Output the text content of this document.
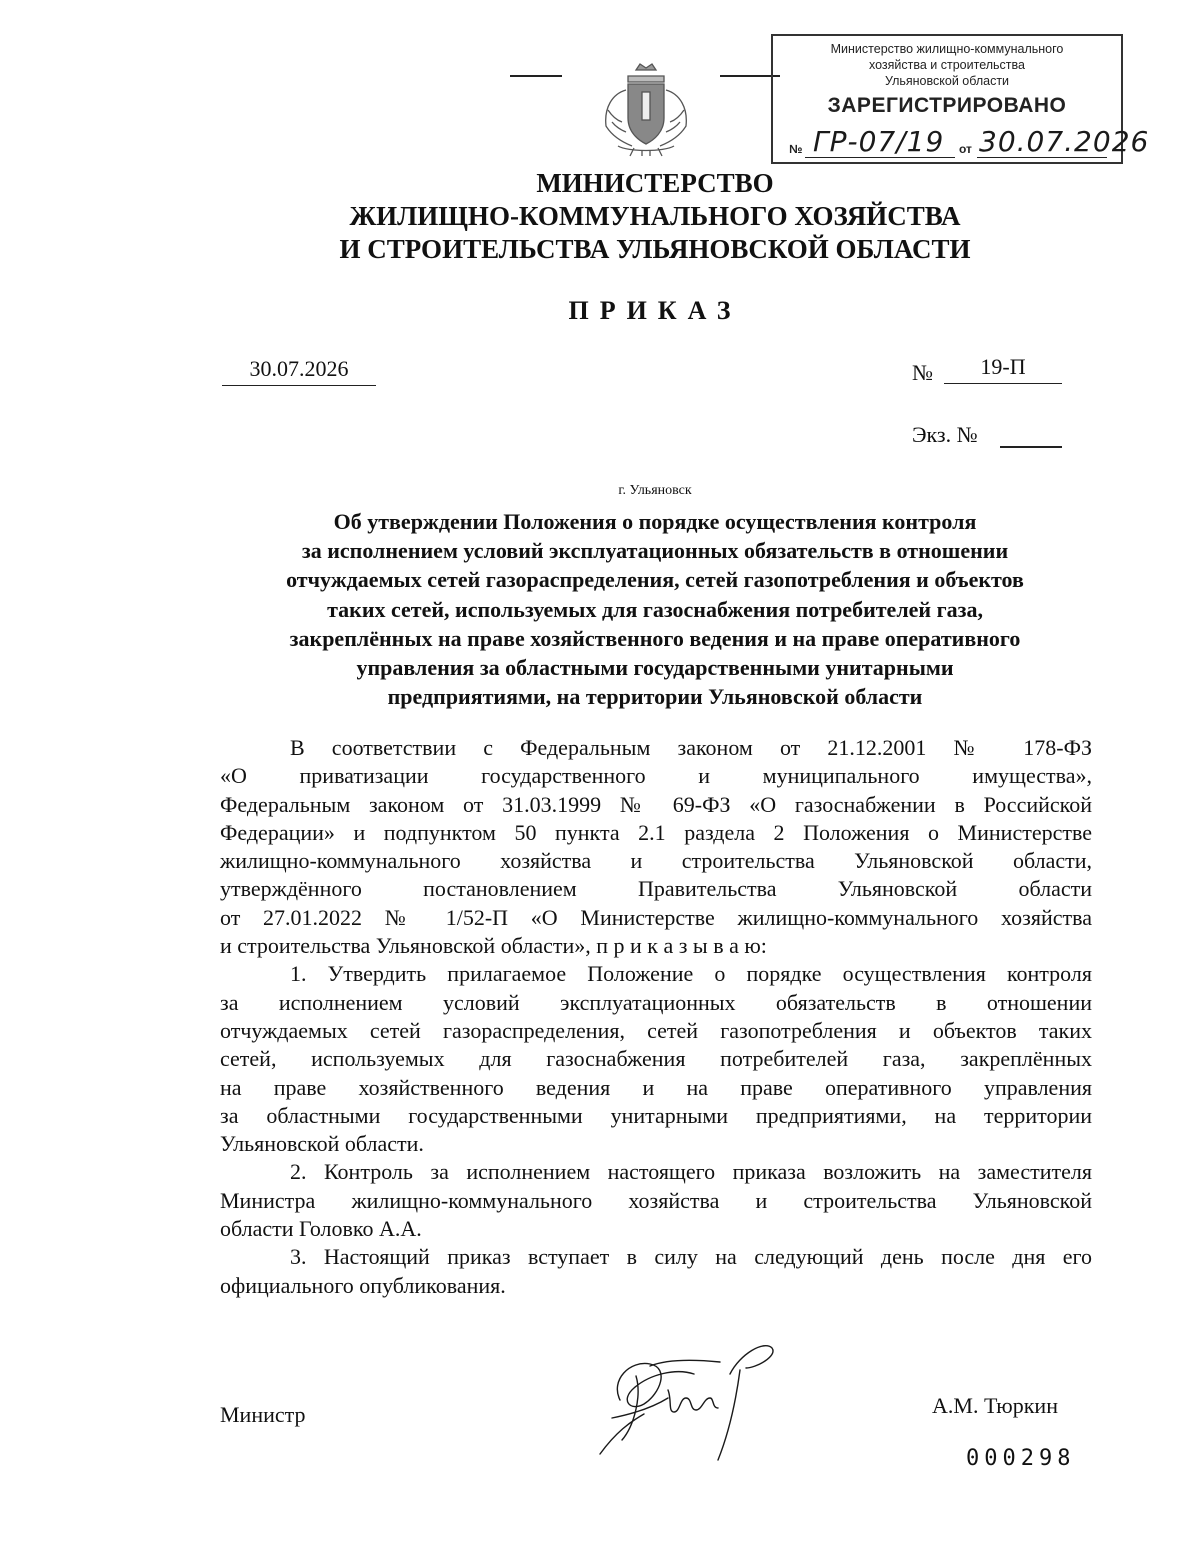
Министерство жилищно-коммунального
хозяйства и строительства
Ульяновской области
ЗАРЕГИСТРИРОВАНО
№ ГР-07/19 от 30.07.2026
МИНИСТЕРСТВО
ЖИЛИЩНО-КОММУНАЛЬНОГО ХОЗЯЙСТВА
И СТРОИТЕЛЬСТВА УЛЬЯНОВСКОЙ ОБЛАСТИ
ПРИКАЗ
30.07.2026	№	19-П
Экз. №
г. Ульяновск
Об утверждении Положения о порядке осуществления контроля
за исполнением условий эксплуатационных обязательств в отношении
отчуждаемых сетей газораспределения, сетей газопотребления и объектов
таких сетей, используемых для газоснабжения потребителей газа,
закреплённых на праве хозяйственного ведения и на праве оперативного
управления за областными государственными унитарными
предприятиями, на территории Ульяновской области
В соответствии с Федеральным законом от 21.12.2001 № 178-ФЗ
«О приватизации государственного и муниципального имущества»,
Федеральным законом от 31.03.1999 № 69-ФЗ «О газоснабжении в Российской
Федерации» и подпунктом 50 пункта 2.1 раздела 2 Положения о Министерстве
жилищно-коммунального хозяйства и строительства Ульяновской области,
утверждённого постановлением Правительства Ульяновской области
от 27.01.2022 № 1/52-П «О Министерстве жилищно-коммунального хозяйства
и строительства Ульяновской области», п р и к а з ы в а ю:
1. Утвердить прилагаемое Положение о порядке осуществления контроля
за исполнением условий эксплуатационных обязательств в отношении
отчуждаемых сетей газораспределения, сетей газопотребления и объектов таких
сетей, используемых для газоснабжения потребителей газа, закреплённых
на праве хозяйственного ведения и на праве оперативного управления
за областными государственными унитарными предприятиями, на территории
Ульяновской области.
2. Контроль за исполнением настоящего приказа возложить на заместителя
Министра жилищно-коммунального хозяйства и строительства Ульяновской
области Головко А.А.
3. Настоящий приказ вступает в силу на следующий день после дня его
официального опубликования.
Министр	А.М. Тюркин
000298
